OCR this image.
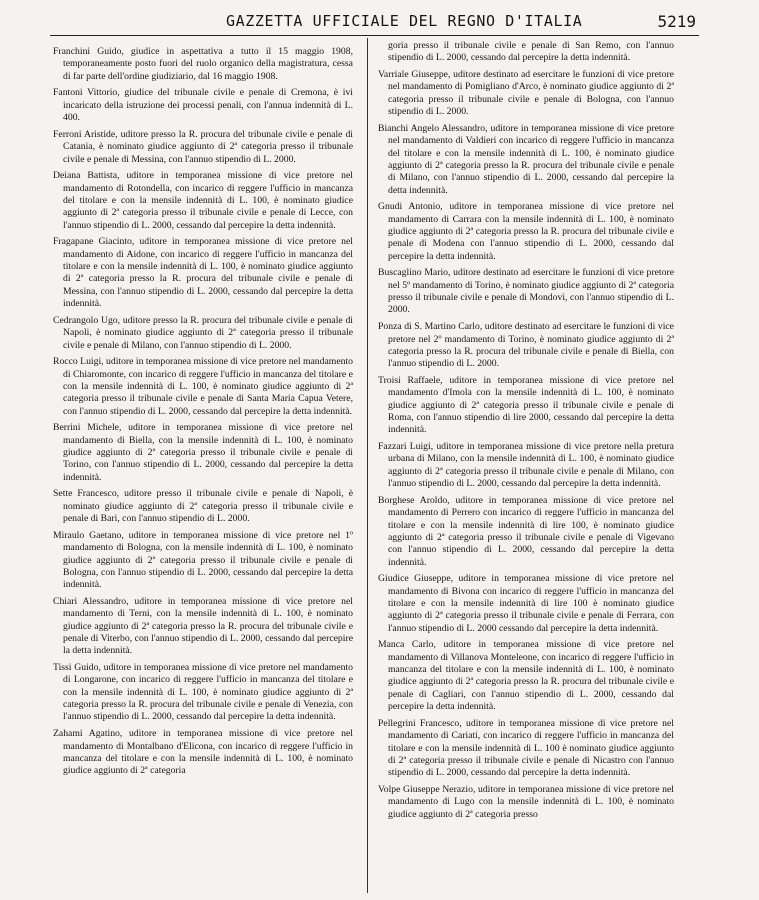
GAZZETTA UFFICIALE DEL REGNO D'ITALIA	5219

Franchini Guido, giudice in aspettativa a tutto il 15 maggio 1908, temporaneamente posto fuori del ruolo organico della magistratura, cessa di far parte dell'ordine giudiziario, dal 16 maggio 1908.

Fantoni Vittorio, giudice del tribunale civile e penale di Cremona, è ivi incaricato della istruzione dei processi penali, con l'annua indennità di L. 400.

Ferroni Aristide, uditore presso la R. procura del tribunale civile e penale di Catania, è nominato giudice aggiunto di 2ª categoria presso il tribunale civile e penale di Messina, con l'annuo stipendio di L. 2000.

Deiana Battista, uditore in temporanea missione di vice pretore nel mandamento di Rotondella, con incarico di reggere l'ufficio in mancanza del titolare e con la mensile indennità di L. 100, è nominato giudice aggiunto di 2ª categoria presso il tribunale civile e penale di Lecce, con l'annuo stipendio di L. 2000, cessando dal percepire la detta indennità.

Fragapane Giacinto, uditore in temporanea missione di vice pretore nel mandamento di Aidone, con incarico di reggere l'ufficio in mancanza del titolare e con la mensile indennità di L. 100, è nominato giudice aggiunto di 2ª categoria presso la R. procura del tribunale civile e penale di Messina, con l'annuo stipendio di L. 2000, cessando dal percepire la detta indennità.

Cedrangolo Ugo, uditore presso la R. procura del tribunale civile e penale di Napoli, è nominato giudice aggiunto di 2ª categoria presso il tribunale civile e penale di Milano, con l'annuo stipendio di L. 2000.

Rocco Luigi, uditore in temporanea missione di vice pretore nel mandamento di Chiaromonte, con incarico di reggere l'ufficio in mancanza del titolare e con la mensile indennità di L. 100, è nominato giudice aggiunto di 2ª categoria presso il tribunale civile e penale di Santa Maria Capua Vetere, con l'annuo stipendio di L. 2000, cessando dal percepire la detta indennità.

Berrini Michele, uditore in temporanea missione di vice pretore nel mandamento di Biella, con la mensile indennità di L. 100, è nominato giudice aggiunto di 2ª categoria presso il tribunale civile e penale di Torino, con l'annuo stipendio di L. 2000, cessando dal percepire la detta indennità.

Sette Francesco, uditore presso il tribunale civile e penale di Napoli, è nominato giudice aggiunto di 2ª categoria presso il tribunale civile e penale di Bari, con l'annuo stipendio di L. 2000.

Miraulo Gaetano, uditore in temporanea missione di vice pretore nel 1º mandamento di Bologna, con la mensile indennità di L. 100, è nominato giudice aggiunto di 2ª categoria presso il tribunale civile e penale di Bologna, con l'annuo stipendio di L. 2000, cessando dal percepire la detta indennità.

Chiari Alessandro, uditore in temporanea missione di vice pretore nel mandamento di Terni, con la mensile indennità di L. 100, è nominato giudice aggiunto di 2ª categoria presso la R. procura del tribunale civile e penale di Viterbo, con l'annuo stipendio di L. 2000, cessando dal percepire la detta indennità.

Tissi Guido, uditore in temporanea missione di vice pretore nel mandamento di Longarone, con incarico di reggere l'ufficio in mancanza del titolare e con la mensile indennità di L. 100, è nominato giudice aggiunto di 2ª categoria presso la R. procura del tribunale civile e penale di Venezia, con l'annuo stipendio di L. 2000, cessando dal percepire la detta indennità.

Zahami Agatino, uditore in temporanea missione di vice pretore nel mandamento di Montalbano d'Elicona, con incarico di reggere l'ufficio in mancanza del titolare e con la mensile indennità di L. 100, è nominato giudice aggiunto di 2ª categoria

goria presso il tribunale civile e penale di San Remo, con l'annuo stipendio di L. 2000, cessando dal percepire la detta indennità.

Varriale Giuseppe, uditore destinato ad esercitare le funzioni di vice pretore nel mandamento di Pomigliano d'Arco, è nominato giudice aggiunto di 2ª categoria presso il tribunale civile e penale di Bologna, con l'annuo stipendio di L. 2000.

Bianchi Angelo Alessandro, uditore in temporanea missione di vice pretore nel mandamento di Valdieri con incarico di reggere l'ufficio in mancanza del titolare e con la mensile indennità di L. 100, è nominato giudice aggiunto di 2ª categoria presso la R. procura del tribunale civile e penale di Milano, con l'annuo stipendio di L. 2000, cessando dal percepire la detta indennità.

Gnudi Antonio, uditore in temporanea missione di vice pretore nel mandamento di Carrara con la mensile indennità di L. 100, è nominato giudice aggiunto di 2ª categoria presso la R. procura del tribunale civile e penale di Modena con l'annuo stipendio di L. 2000, cessando dal percepire la detta indennità.

Buscaglino Mario, uditore destinato ad esercitare le funzioni di vice pretore nel 5º mandamento di Torino, è nominato giudice aggiunto di 2ª categoria presso il tribunale civile e penale di Mondovì, con l'annuo stipendio di L. 2000.

Ponza di S. Martino Carlo, uditore destinato ad esercitare le funzioni di vice pretore nel 2º mandamento di Torino, è nominato giudice aggiunto di 2ª categoria presso la R. procura del tribunale civile e penale di Biella, con l'annuo stipendio di L. 2000.

Troisi Raffaele, uditore in temporanea missione di vice pretore nel mandamento d'Imola con la mensile indennità di L. 100, è nominato giudice aggiunto di 2ª categoria presso il tribunale civile e penale di Roma, con l'annuo stipendio di lire 2000, cessando dal percepire la detta indennità.

Fazzari Luigi, uditore in temporanea missione di vice pretore nella pretura urbana di Milano, con la mensile indennità di L. 100, è nominato giudice aggiunto di 2ª categoria presso il tribunale civile e penale di Milano, con l'annuo stipendio di L. 2000, cessando dal percepire la detta indennità.

Borghese Aroldo, uditore in temporanea missione di vice pretore nel mandamento di Perrero con incarico di reggere l'ufficio in mancanza del titolare e con la mensile indennità di lire 100, è nominato giudice aggiunto di 2ª categoria presso il tribunale civile e penale di Vigevano con l'annuo stipendio di L. 2000, cessando dal percepire la detta indennità.

Giudice Giuseppe, uditore in temporanea missione di vice pretore nel mandamento di Bivona con incarico di reggere l'ufficio in mancanza del titolare e con la mensile indennità di lire 100 è nominato giudice aggiunto di 2ª categoria presso il tribunale civile e penale di Ferrara, con l'annuo stipendio di L. 2000 cessando dal percepire la detta indennità.

Manca Carlo, uditore in temporanea missione di vice pretore nel mandamento di Villanova Monteleone, con incarico di reggere l'ufficio in mancanza del titolare e con la mensile indennità di L. 100, è nominato giudice aggiunto di 2ª categoria presso la R. procura del tribunale civile e penale di Cagliari, con l'annuo stipendio di L. 2000, cessando dal percepire la detta indennità.

Pellegrini Francesco, uditore in temporanea missione di vice pretore nel mandamento di Cariati, con incarico di reggere l'ufficio in mancanza del titolare e con la mensile indennità di L. 100 è nominato giudice aggiunto di 2ª categoria presso il tribunale civile e penale di Nicastro con l'annuo stipendio di L. 2000, cessando dal percepire la detta indennità.

Volpe Giuseppe Nerazio, uditore in temporanea missione di vice pretore nel mandamento di Lugo con la mensile indennità di L. 100, è nominato giudice aggiunto di 2ª categoria presso
